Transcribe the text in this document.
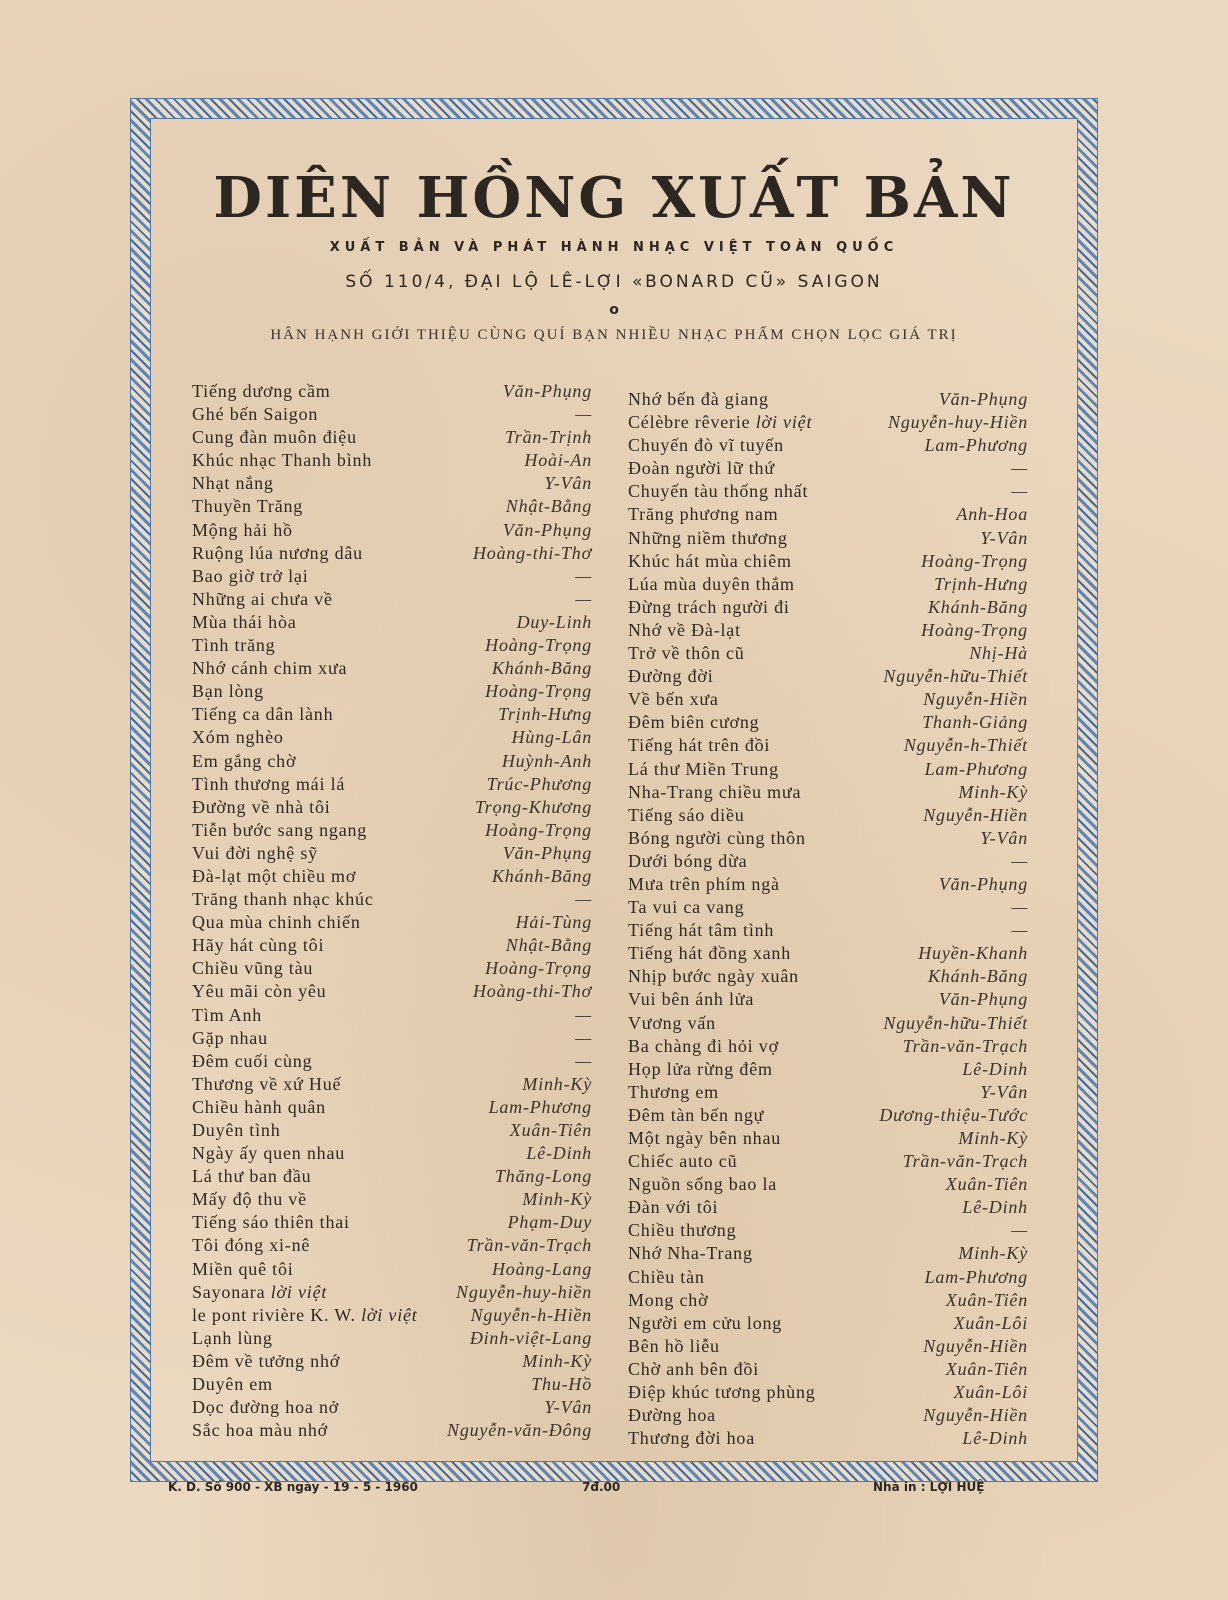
DIÊN HỒNG XUẤT BẢN
XUẤT BẢN VÀ PHÁT HÀNH NHẠC VIỆT TOÀN QUỐC
SỐ 110/4, ĐẠI LỘ LÊ-LỢI «BONARD CŨ» SAIGON
o
HÂN HẠNH GIỚI THIỆU CÙNG QUÍ BẠN NHIỀU NHẠC PHẨM CHỌN LỌC GIÁ TRỊ
Tiếng dương cầm	Văn-Phụng
Ghé bến Saigon	—
Cung đàn muôn điệu	Trần-Trịnh
Khúc nhạc Thanh bình	Hoài-An
Nhạt nắng	Y-Vân
Thuyền Trăng	Nhật-Bằng
Mộng hải hồ	Văn-Phụng
Ruộng lúa nương dâu	Hoàng-thi-Thơ
Bao giờ trở lại	—
Những ai chưa về	—
Mùa thái hòa	Duy-Linh
Tình trăng	Hoàng-Trọng
Nhớ cánh chim xưa	Khánh-Băng
Bạn lòng	Hoàng-Trọng
Tiếng ca dân lành	Trịnh-Hưng
Xóm nghèo	Hùng-Lân
Em gắng chờ	Huỳnh-Anh
Tình thương mái lá	Trúc-Phương
Đường về nhà tôi	Trọng-Khương
Tiễn bước sang ngang	Hoàng-Trọng
Vui đời nghệ sỹ	Văn-Phụng
Đà-lạt một chiều mơ	Khánh-Băng
Trăng thanh nhạc khúc	—
Qua mùa chinh chiến	Hải-Tùng
Hãy hát cùng tôi	Nhật-Bằng
Chiều vũng tàu	Hoàng-Trọng
Yêu mãi còn yêu	Hoàng-thi-Thơ
Tìm Anh	—
Gặp nhau	—
Đêm cuối cùng	—
Thương về xứ Huế	Minh-Kỳ
Chiều hành quân	Lam-Phương
Duyên tình	Xuân-Tiên
Ngày ấy quen nhau	Lê-Dinh
Lá thư ban đầu	Thăng-Long
Mấy độ thu về	Minh-Kỳ
Tiếng sáo thiên thai	Phạm-Duy
Tôi đóng xi-nê	Trần-văn-Trạch
Miền quê tôi	Hoàng-Lang
Sayonara lời việt	Nguyễn-huy-hiền
le pont rivière K. W. lời việt	Nguyễn-h-Hiền
Lạnh lùng	Đinh-việt-Lang
Đêm về tưởng nhớ	Minh-Kỳ
Duyên em	Thu-Hồ
Dọc đường hoa nở	Y-Vân
Sắc hoa màu nhớ	Nguyễn-văn-Đông
Nhớ bến đà giang	Văn-Phụng
Célèbre rêverie lời việt	Nguyễn-huy-Hiền
Chuyến đò vĩ tuyến	Lam-Phương
Đoàn người lữ thứ	—
Chuyến tàu thống nhất	—
Trăng phương nam	Anh-Hoa
Những niềm thương	Y-Vân
Khúc hát mùa chiêm	Hoàng-Trọng
Lúa mùa duyên thắm	Trịnh-Hưng
Đừng trách người đi	Khánh-Băng
Nhớ về Đà-lạt	Hoàng-Trọng
Trở về thôn cũ	Nhị-Hà
Đường đời	Nguyễn-hữu-Thiết
Về bến xưa	Nguyễn-Hiền
Đêm biên cương	Thanh-Giảng
Tiếng hát trên đồi	Nguyễn-h-Thiết
Lá thư Miền Trung	Lam-Phương
Nha-Trang chiều mưa	Minh-Kỳ
Tiếng sáo diều	Nguyễn-Hiền
Bóng người cùng thôn	Y-Vân
Dưới bóng dừa	—
Mưa trên phím ngà	Văn-Phụng
Ta vui ca vang	—
Tiếng hát tâm tình	—
Tiếng hát đồng xanh	Huyền-Khanh
Nhịp bước ngày xuân	Khánh-Băng
Vui bên ánh lửa	Văn-Phụng
Vương vấn	Nguyễn-hữu-Thiết
Ba chàng đi hỏi vợ	Trần-văn-Trạch
Họp lửa rừng đêm	Lê-Dinh
Thương em	Y-Vân
Đêm tàn bến ngự	Dương-thiệu-Tước
Một ngày bên nhau	Minh-Kỳ
Chiếc auto cũ	Trần-văn-Trạch
Nguồn sống bao la	Xuân-Tiên
Đàn với tôi	Lê-Dinh
Chiều thương	—
Nhớ Nha-Trang	Minh-Kỳ
Chiều tàn	Lam-Phương
Mong chờ	Xuân-Tiên
Người em cửu long	Xuân-Lôi
Bên hồ liễu	Nguyễn-Hiền
Chờ anh bên đồi	Xuân-Tiên
Điệp khúc tương phùng	Xuân-Lôi
Đường hoa	Nguyễn-Hiền
Thương đời hoa	Lê-Dinh
K. D. Số 900 - XB ngày - 19 - 5 - 1960	7đ.00	Nhà in : LỢI HUỆ
